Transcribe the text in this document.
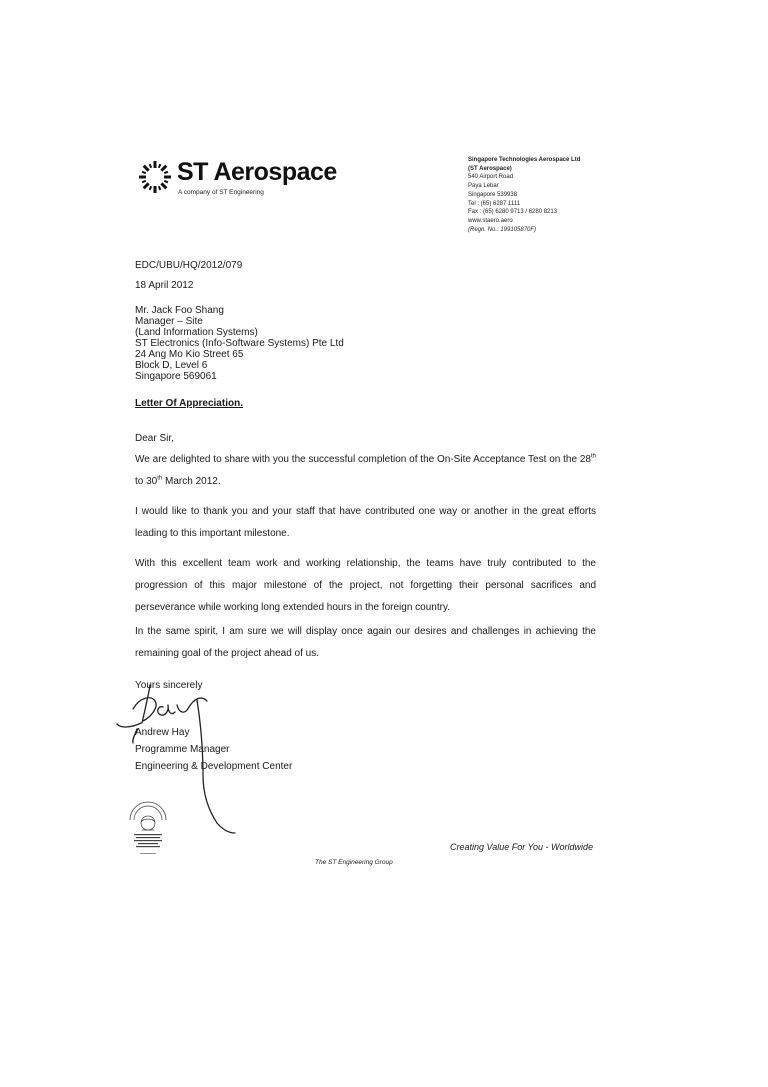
ST Aerospace
A company of ST Engineering
Singapore Technologies Aerospace Ltd
(ST Aerospace)
540 Airport Road
Paya Lebar
Singapore 539938
Tel : (65) 6287 1111
Fax : (65) 6280 9713 / 6280 8213
www.staero.aero
(Regn. No.: 199105870F)
EDC/UBU/HQ/2012/079
18 April 2012
Mr. Jack Foo Shang
Manager – Site
(Land Information Systems)
ST Electronics (Info-Software Systems) Pte Ltd
24 Ang Mo Kio Street 65
Block D, Level 6
Singapore 569061
Letter Of Appreciation.
Dear Sir,
We are delighted to share with you the successful completion of the On-Site Acceptance Test on the 28th to 30th March 2012.
I would like to thank you and your staff that have contributed one way or another in the great efforts leading to this important milestone.
With this excellent team work and working relationship, the teams have truly contributed to the progression of this major milestone of the project, not forgetting their personal sacrifices and perseverance while working long extended hours in the foreign country.
In the same spirit, I am sure we will display once again our desires and challenges in achieving the remaining goal of the project ahead of us.
Yours sincerely
Andrew Hay
Programme Manager
Engineering & Development Center
Creating Value For You - Worldwide
The ST Engineering Group
